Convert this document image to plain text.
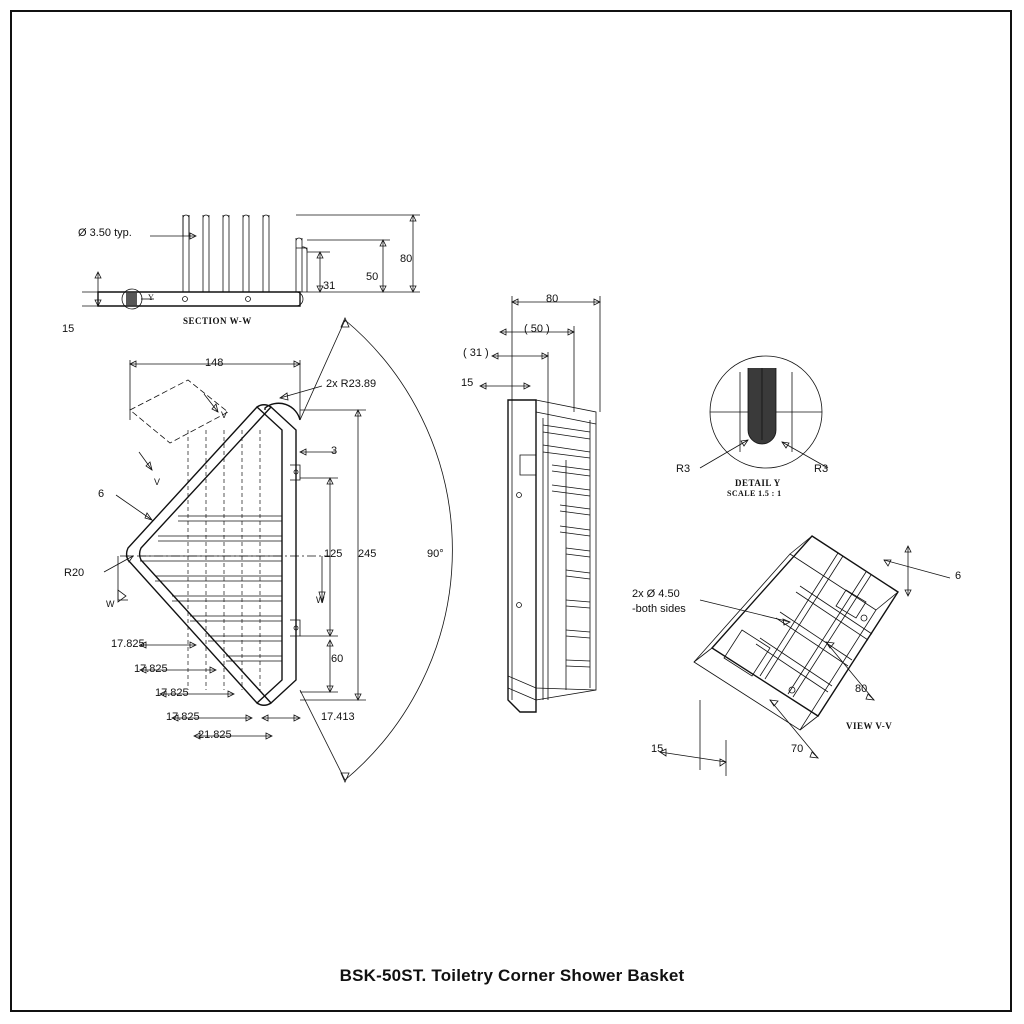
Ø 3.50 typ.
80
50
31
15
Y
SECTION W-W
148
2x R23.89
3
6
R20
125 245	90°
60
17.825
17.825
17.825
17.825
21.825
17.413
W	W
V
V
80
( 50 )
( 31 )
15
R3	R3
DETAIL Y
SCALE 1.5 : 1
2x Ø 4.50
-both sides
6
80
70
15
VIEW V-V
BSK-50ST. Toiletry Corner Shower Basket
